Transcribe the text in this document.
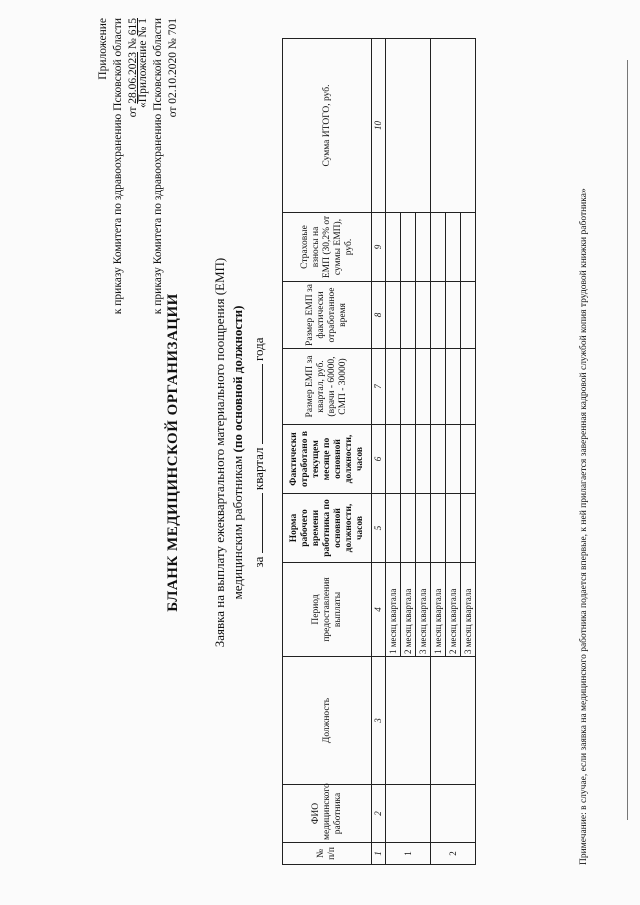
Приложение к приказу Комитета по здравоохранению Псковской области от 28.06.2023 № 615
«Приложение № 1 к приказу Комитета по здравоохранению Псковской области от 02.10.2020 № 701
БЛАНК МЕДИЦИНСКОЙ ОРГАНИЗАЦИИ Заявка на выплату ежеквартального материального поощрения (ЕМП) медицинским работникам (по основной должности)
за  квартал  года
№ п/п	ФИО медицинского работника	Должность	Период предоставления выплаты	Норма рабочего времени работника по основной должности, часов	Фактически отработано в текущем месяце по основной должности, часов	Размер ЕМП за квартал, руб. (врачи - 60000, СМП - 30000)	Размер ЕМП за фактически отработанное время	Страховые взносы на ЕМП (30,2% от суммы ЕМП), руб.	Сумма ИТОГО, руб.
1	2	3	4	5	6	7	8	9	10
1			1 месяц квартала						
			2 месяц квартала						
			3 месяц квартала						
2			1 месяц квартала						
			2 месяц квартала						
			3 месяц квартала							Примечание: в случае, если заявка на медицинского работника подается впервые, к ней прилагается заверенная кадровой службой копия трудовой книжки работника»
